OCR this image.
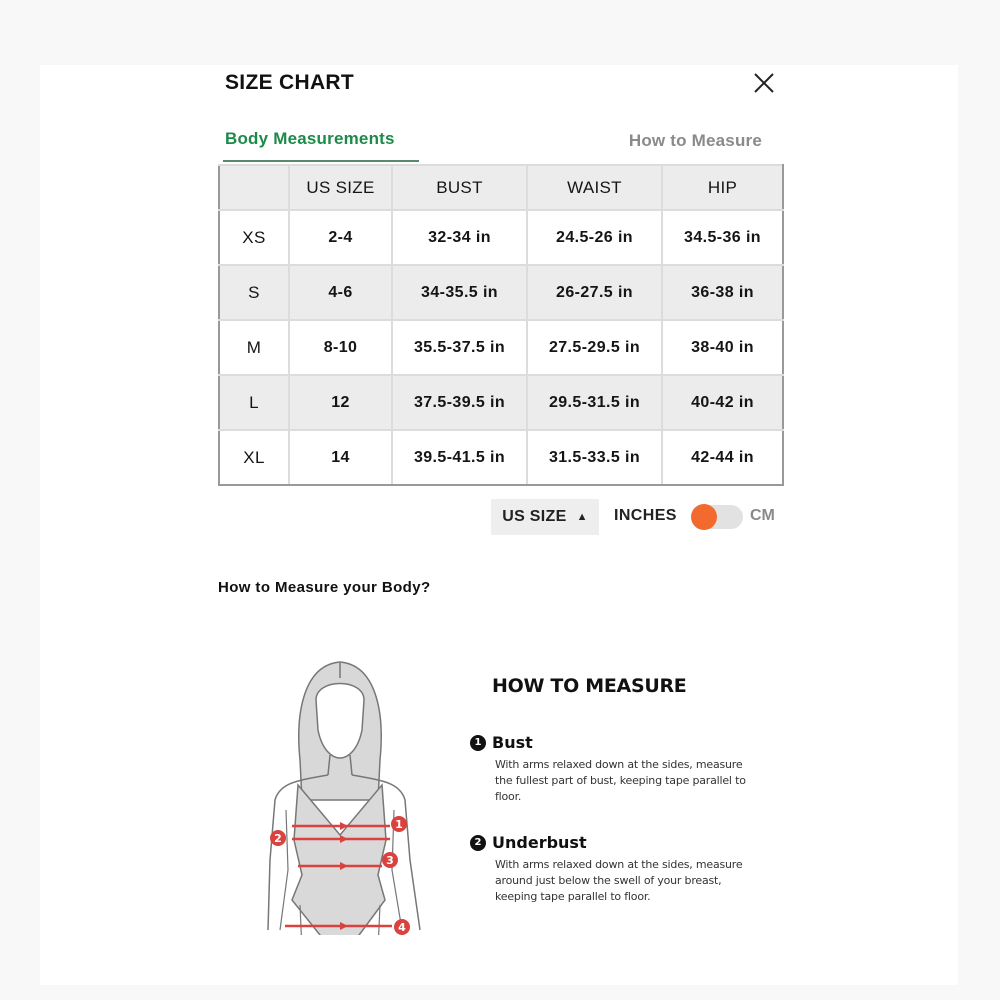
SIZE CHART
Body Measurements	How to Measure
	US SIZE	BUST	WAIST	HIP
XS	2-4	32-34 in	24.5-26 in	34.5-36 in
S	4-6	34-35.5 in	26-27.5 in	36-38 in
M	8-10	35.5-37.5 in	27.5-29.5 in	38-40 in
L	12	37.5-39.5 in	29.5-31.5 in	40-42 in
XL	14	39.5-41.5 in	31.5-33.5 in	42-44 in
US SIZE ▲ INCHES	CM
How to Measure your Body?
1
2
3
4
HOW TO MEASURE
1 Bust
With arms relaxed down at the sides, measure the fullest part of bust, keeping tape parallel to floor.
2 Underbust
With arms relaxed down at the sides, measure around just below the swell of your breast, keeping tape parallel to floor.
